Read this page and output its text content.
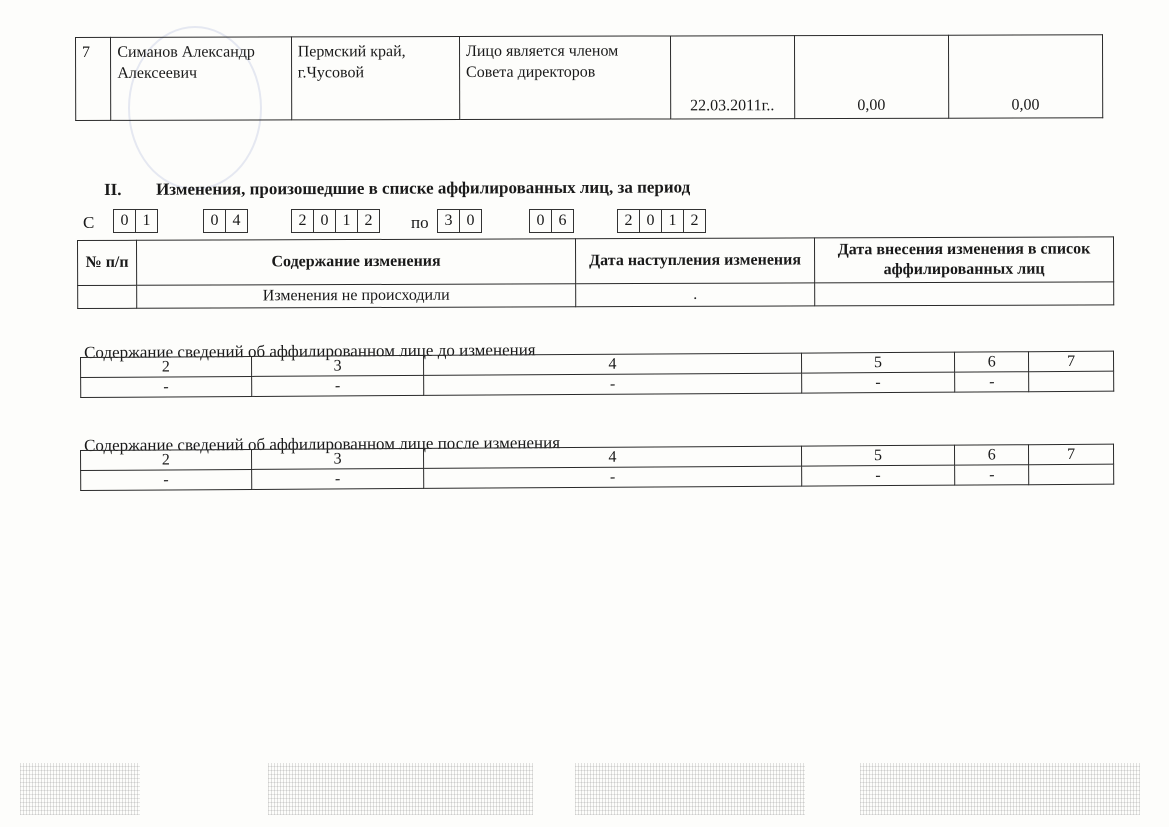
7	Симанов Александр Алексеевич	Пермский край, г.Чусовой	Лицо является членом Совета директоров	22.03.2011г..	0,00	0,00
II. Изменения, произошедшие в списке аффилированных лиц, за период
С	0 1	0 4	2 0 1 2	по 3 0	0 6	2 0 1 2
№ п/п	Содержание изменения	Дата наступления изменения	Дата внесения изменения в список аффилированных лиц
	Изменения не происходили	.	
Содержание сведений об аффилированном лице до изменения
2	3	4	5	6	7
-	-	-	-	-	
Содержание сведений об аффилированном лице после изменения
2	3	4	5	6	7
-	-	-	-	-	
